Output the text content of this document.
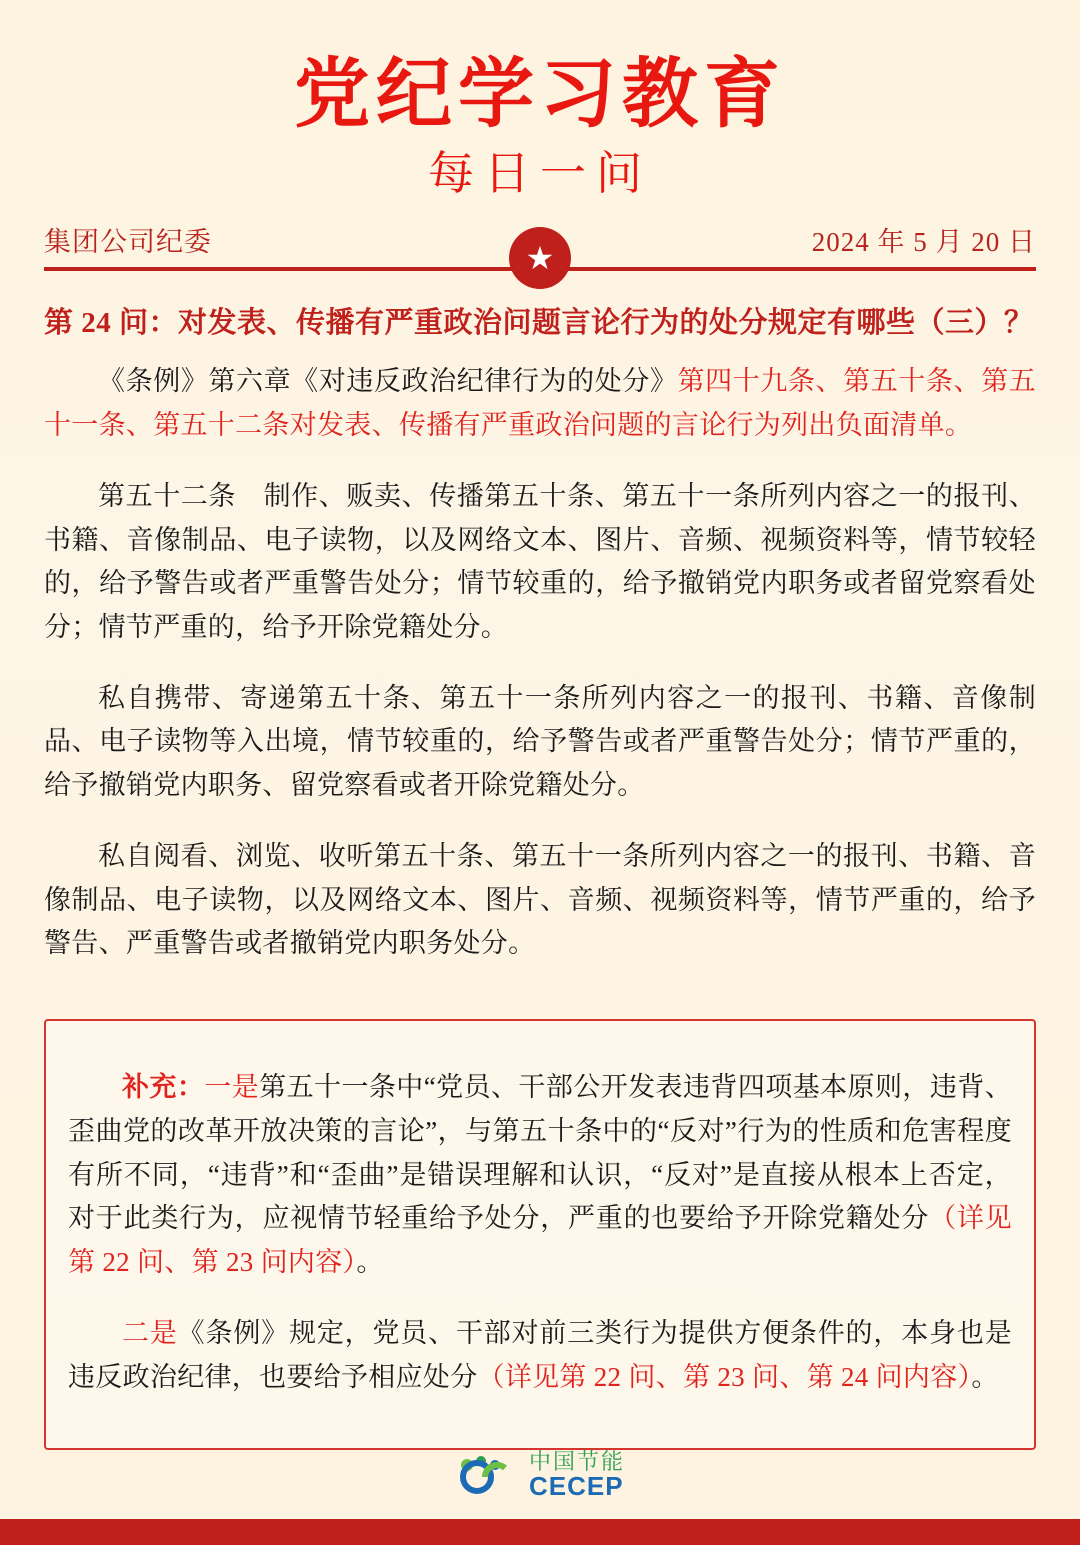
党纪学习教育
每日一问
集团公司纪委	★	2024 年 5 月 20 日
第 24 问：对发表、传播有严重政治问题言论行为的处分规定有哪些（三）？

《条例》第六章《对违反政治纪律行为的处分》第四十九条、第五十条、第五十一条、第五十二条对发表、传播有严重政治问题的言论行为列出负面清单。

第五十二条　制作、贩卖、传播第五十条、第五十一条所列内容之一的报刊、书籍、音像制品、电子读物，以及网络文本、图片、音频、视频资料等，情节较轻的，给予警告或者严重警告处分；情节较重的，给予撤销党内职务或者留党察看处分；情节严重的，给予开除党籍处分。

私自携带、寄递第五十条、第五十一条所列内容之一的报刊、书籍、音像制品、电子读物等入出境，情节较重的，给予警告或者严重警告处分；情节严重的，给予撤销党内职务、留党察看或者开除党籍处分。

私自阅看、浏览、收听第五十条、第五十一条所列内容之一的报刊、书籍、音像制品、电子读物，以及网络文本、图片、音频、视频资料等，情节严重的，给予警告、严重警告或者撤销党内职务处分。

补充：一是第五十一条中“党员、干部公开发表违背四项基本原则，违背、歪曲党的改革开放决策的言论”，与第五十条中的“反对”行为的性质和危害程度有所不同，“违背”和“歪曲”是错误理解和认识，“反对”是直接从根本上否定，对于此类行为，应视情节轻重给予处分，严重的也要给予开除党籍处分（详见第 22 问、第 23 问内容）。

二是《条例》规定，党员、干部对前三类行为提供方便条件的，本身也是违反政治纪律，也要给予相应处分（详见第 22 问、第 23 问、第 24 问内容）。

中国节能
CECEP
